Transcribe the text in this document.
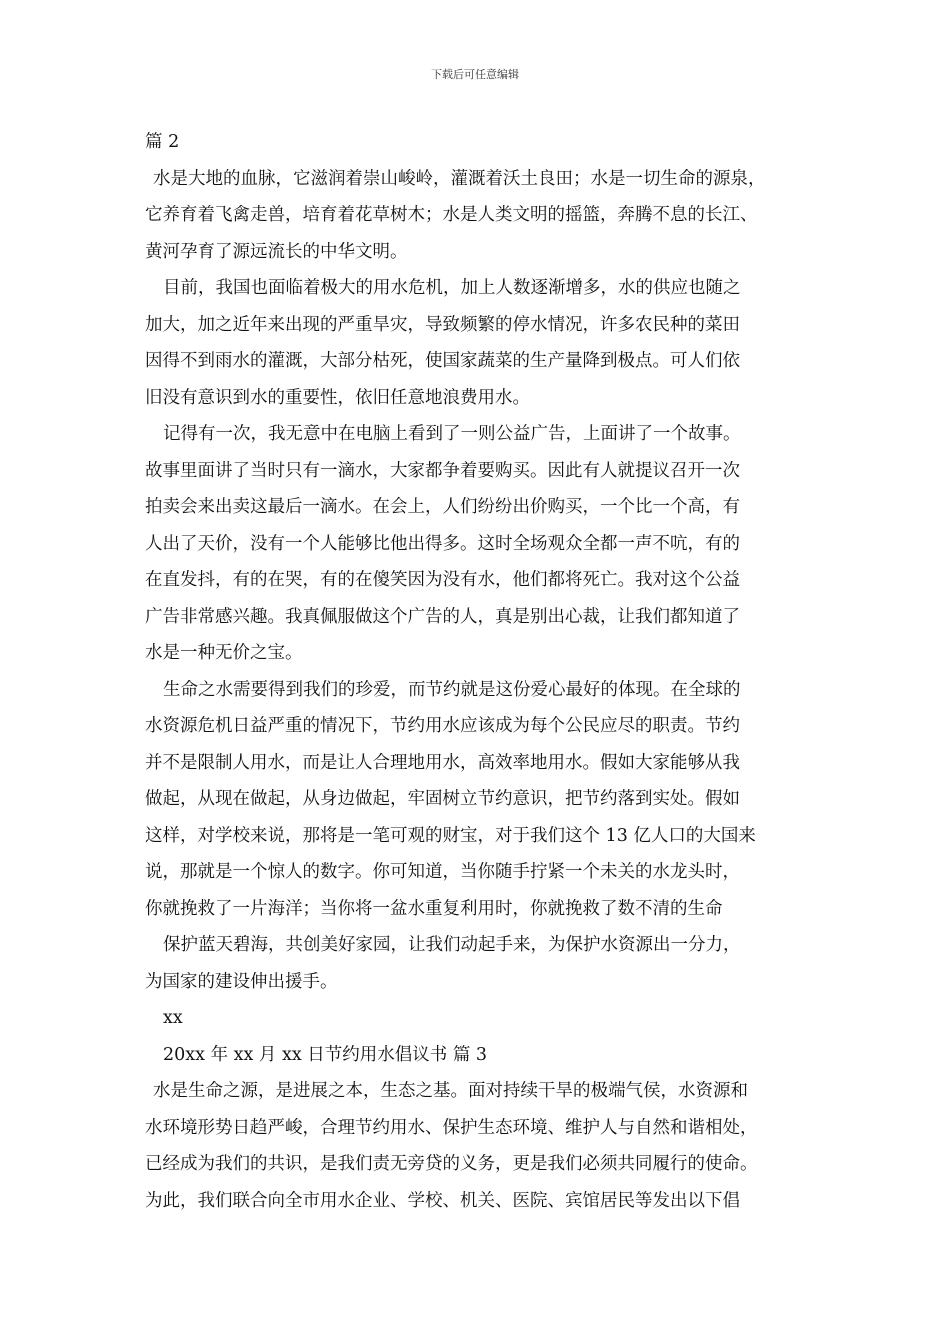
下载后可任意编辑
篇 2
水是大地的血脉，它滋润着崇山峻岭，灌溉着沃土良田；水是一切生命的源泉，
它养育着飞禽走兽，培育着花草树木；水是人类文明的摇篮，奔腾不息的长江、
黄河孕育了源远流长的中华文明。
目前，我国也面临着极大的用水危机，加上人数逐渐增多，水的供应也随之
加大，加之近年来出现的严重旱灾，导致频繁的停水情况，许多农民种的菜田
因得不到雨水的灌溉，大部分枯死，使国家蔬菜的生产量降到极点。可人们依
旧没有意识到水的重要性，依旧任意地浪费用水。
记得有一次，我无意中在电脑上看到了一则公益广告，上面讲了一个故事。
故事里面讲了当时只有一滴水，大家都争着要购买。因此有人就提议召开一次
拍卖会来出卖这最后一滴水。在会上，人们纷纷出价购买，一个比一个高，有
人出了天价，没有一个人能够比他出得多。这时全场观众全都一声不吭，有的
在直发抖，有的在哭，有的在傻笑因为没有水，他们都将死亡。我对这个公益
广告非常感兴趣。我真佩服做这个广告的人，真是别出心裁，让我们都知道了
水是一种无价之宝。
生命之水需要得到我们的珍爱，而节约就是这份爱心最好的体现。在全球的
水资源危机日益严重的情况下，节约用水应该成为每个公民应尽的职责。节约
并不是限制人用水，而是让人合理地用水，高效率地用水。假如大家能够从我
做起，从现在做起，从身边做起，牢固树立节约意识，把节约落到实处。假如
这样，对学校来说，那将是一笔可观的财宝，对于我们这个 13 亿人口的大国来
说，那就是一个惊人的数字。你可知道，当你随手拧紧一个未关的水龙头时，
你就挽救了一片海洋；当你将一盆水重复利用时，你就挽救了数不清的生命
保护蓝天碧海，共创美好家园，让我们动起手来，为保护水资源出一分力，
为国家的建设伸出援手。
xx
20xx 年 xx 月 xx 日节约用水倡议书 篇 3
水是生命之源，是进展之本，生态之基。面对持续干旱的极端气侯，水资源和
水环境形势日趋严峻，合理节约用水、保护生态环境、维护人与自然和谐相处，
已经成为我们的共识，是我们责无旁贷的义务，更是我们必须共同履行的使命。
为此，我们联合向全市用水企业、学校、机关、医院、宾馆居民等发出以下倡
